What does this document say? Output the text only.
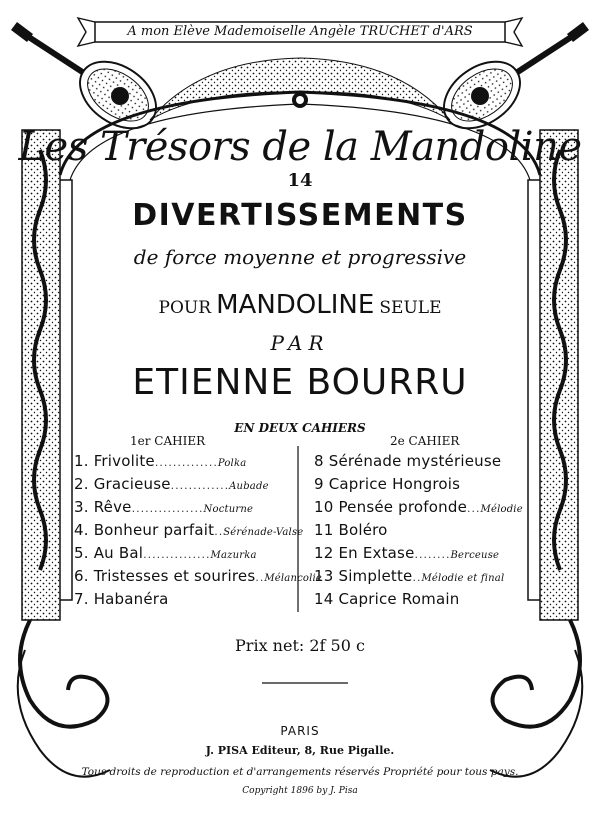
A mon Elève Mademoiselle Angèle TRUCHET d'ARS
Les Trésors de la Mandoline
14
DIVERTISSEMENTS
de force moyenne et progressive
POUR MANDOLINE SEULE
PAR
ETIENNE BOURRU
EN DEUX CAHIERS
1er CAHIER	2e CAHIER
1. Frivolite..............Polka
2. Gracieuse.............Aubade
3. Rêve................Nocturne
4. Bonheur parfait..Sérénade-Valse
5. Au Bal...............Mazurka
6. Tristesses et sourires..Mélancolie
7. Habanéra
8 Sérénade mystérieuse
9 Caprice Hongrois
10 Pensée profonde...Mélodie
11 Boléro
12 En Extase........Berceuse
13 Simplette..Mélodie et final
14 Caprice Romain
Prix net: 2f 50 c
PARIS
J. PISA Editeur, 8, Rue Pigalle.
Tous droits de reproduction et d'arrangements réservés Propriété pour tous pays.
Copyright 1896 by J. Pisa
